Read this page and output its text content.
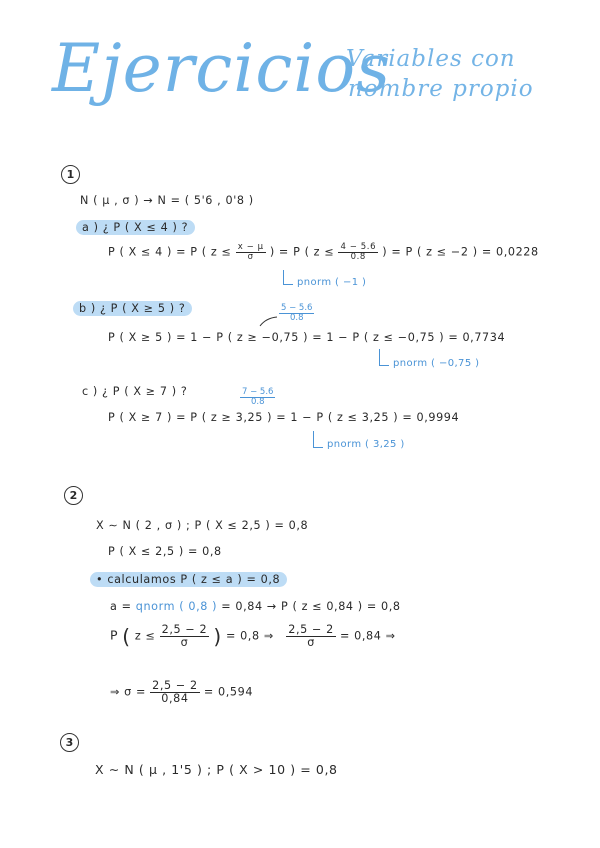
Ejercicios
Variables con
nombre propio
1
N ( μ , σ ) → N = ( 5'6 , 0'8 )
a ) ¿ P ( X ≤ 4 ) ?
P ( X ≤ 4 ) = P ( $z \le \frac{x - \mu}{\sigma}$ ) = P ( $z \le \frac{4 - 5.6}{0.8}$ ) = P ( z ≤ −2 ) = 0,0228
pnorm ( −1 )
b ) ¿ P ( X ≥ 5 ) ?	$\frac{5 - 5.6}{0.8}$
P ( X ≥ 5 ) = 1 − P ( z ≥ −0,75 ) = 1 − P ( z ≤ −0,75 ) = 0,7734
pnorm ( −0,75 )
c ) ¿ P ( X ≥ 7 ) ?	$\frac{7 - 5.6}{0.8}$
P ( X ≥ 7 ) = P ( z ≥ 3,25 ) = 1 − P ( z ≤ 3,25 ) = 0,9994
pnorm ( 3,25 )
2
X ∼ N ( 2 , σ ) ; P ( X ≤ 2,5 ) = 0,8
P ( X ≤ 2,5 ) = 0,8
• calculamos P ( z ≤ a ) = 0,8
a = qnorm ( 0,8 ) = 0,84 → P ( z ≤ 0,84 ) = 0,8
P ( $z \le \frac{2,5 - 2}{\sigma}$ ) = 0,8 ⇒ $\frac{2,5 - 2}{\sigma} = 0,84$ ⇒
⇒ $\sigma = \frac{2,5 - 2}{0,84} = 0,594$
3
X ∼ N ( μ , 1'5 ) ; P ( X > 10 ) = 0,8
